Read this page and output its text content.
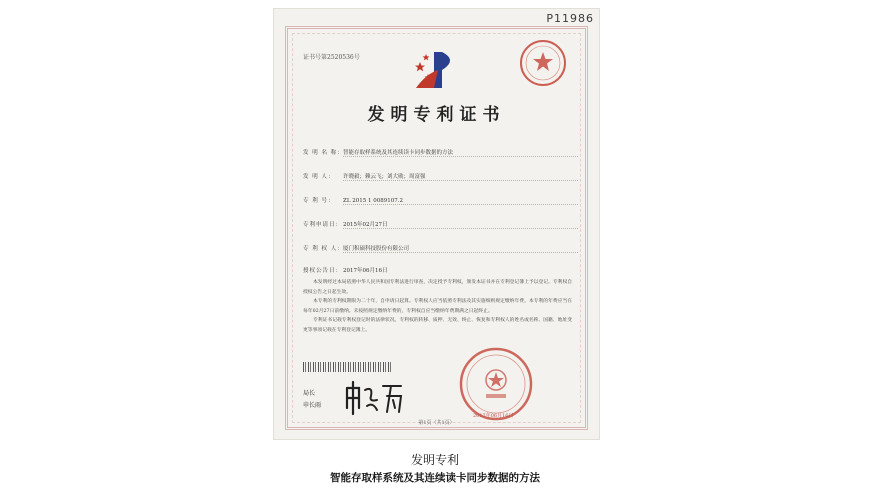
P11986
证书号第2520536号
发明专利证书
发 明 名 称：智能存取样系统及其连续读卡同步数据的方法
发 明 人： 许晓毅；赖云飞；刘大勋；周富强
专 利 号： ZL 2015 1 0089107.2
专利申请日：2015年02月27日
专 利 权 人：厦门积硕科技股份有限公司
授权公告日：2017年06月16日

本发明经过本局依照中华人民共和国专利法进行审查，决定授予专利权，颁发本证书并在专利登记簿上予以登记。专利权自授权公告之日起生效。

本专利的专利权期限为二十年，自申请日起算。专利权人应当依照专利法及其实施细则规定缴纳年费。本专利的年费应当在每年02月27日前缴纳。未按照规定缴纳年费的，专利权自应当缴纳年费期满之日起终止。

专利证书记载专利权登记时的法律状况。专利权的转移、质押、无效、终止、恢复和专利权人的姓名或名称、国籍、地址变更等事项记载在专利登记簿上。

局长
申长雨
2017年06月16日
第1页（共1页）
发明专利
智能存取样系统及其连续读卡同步数据的方法
